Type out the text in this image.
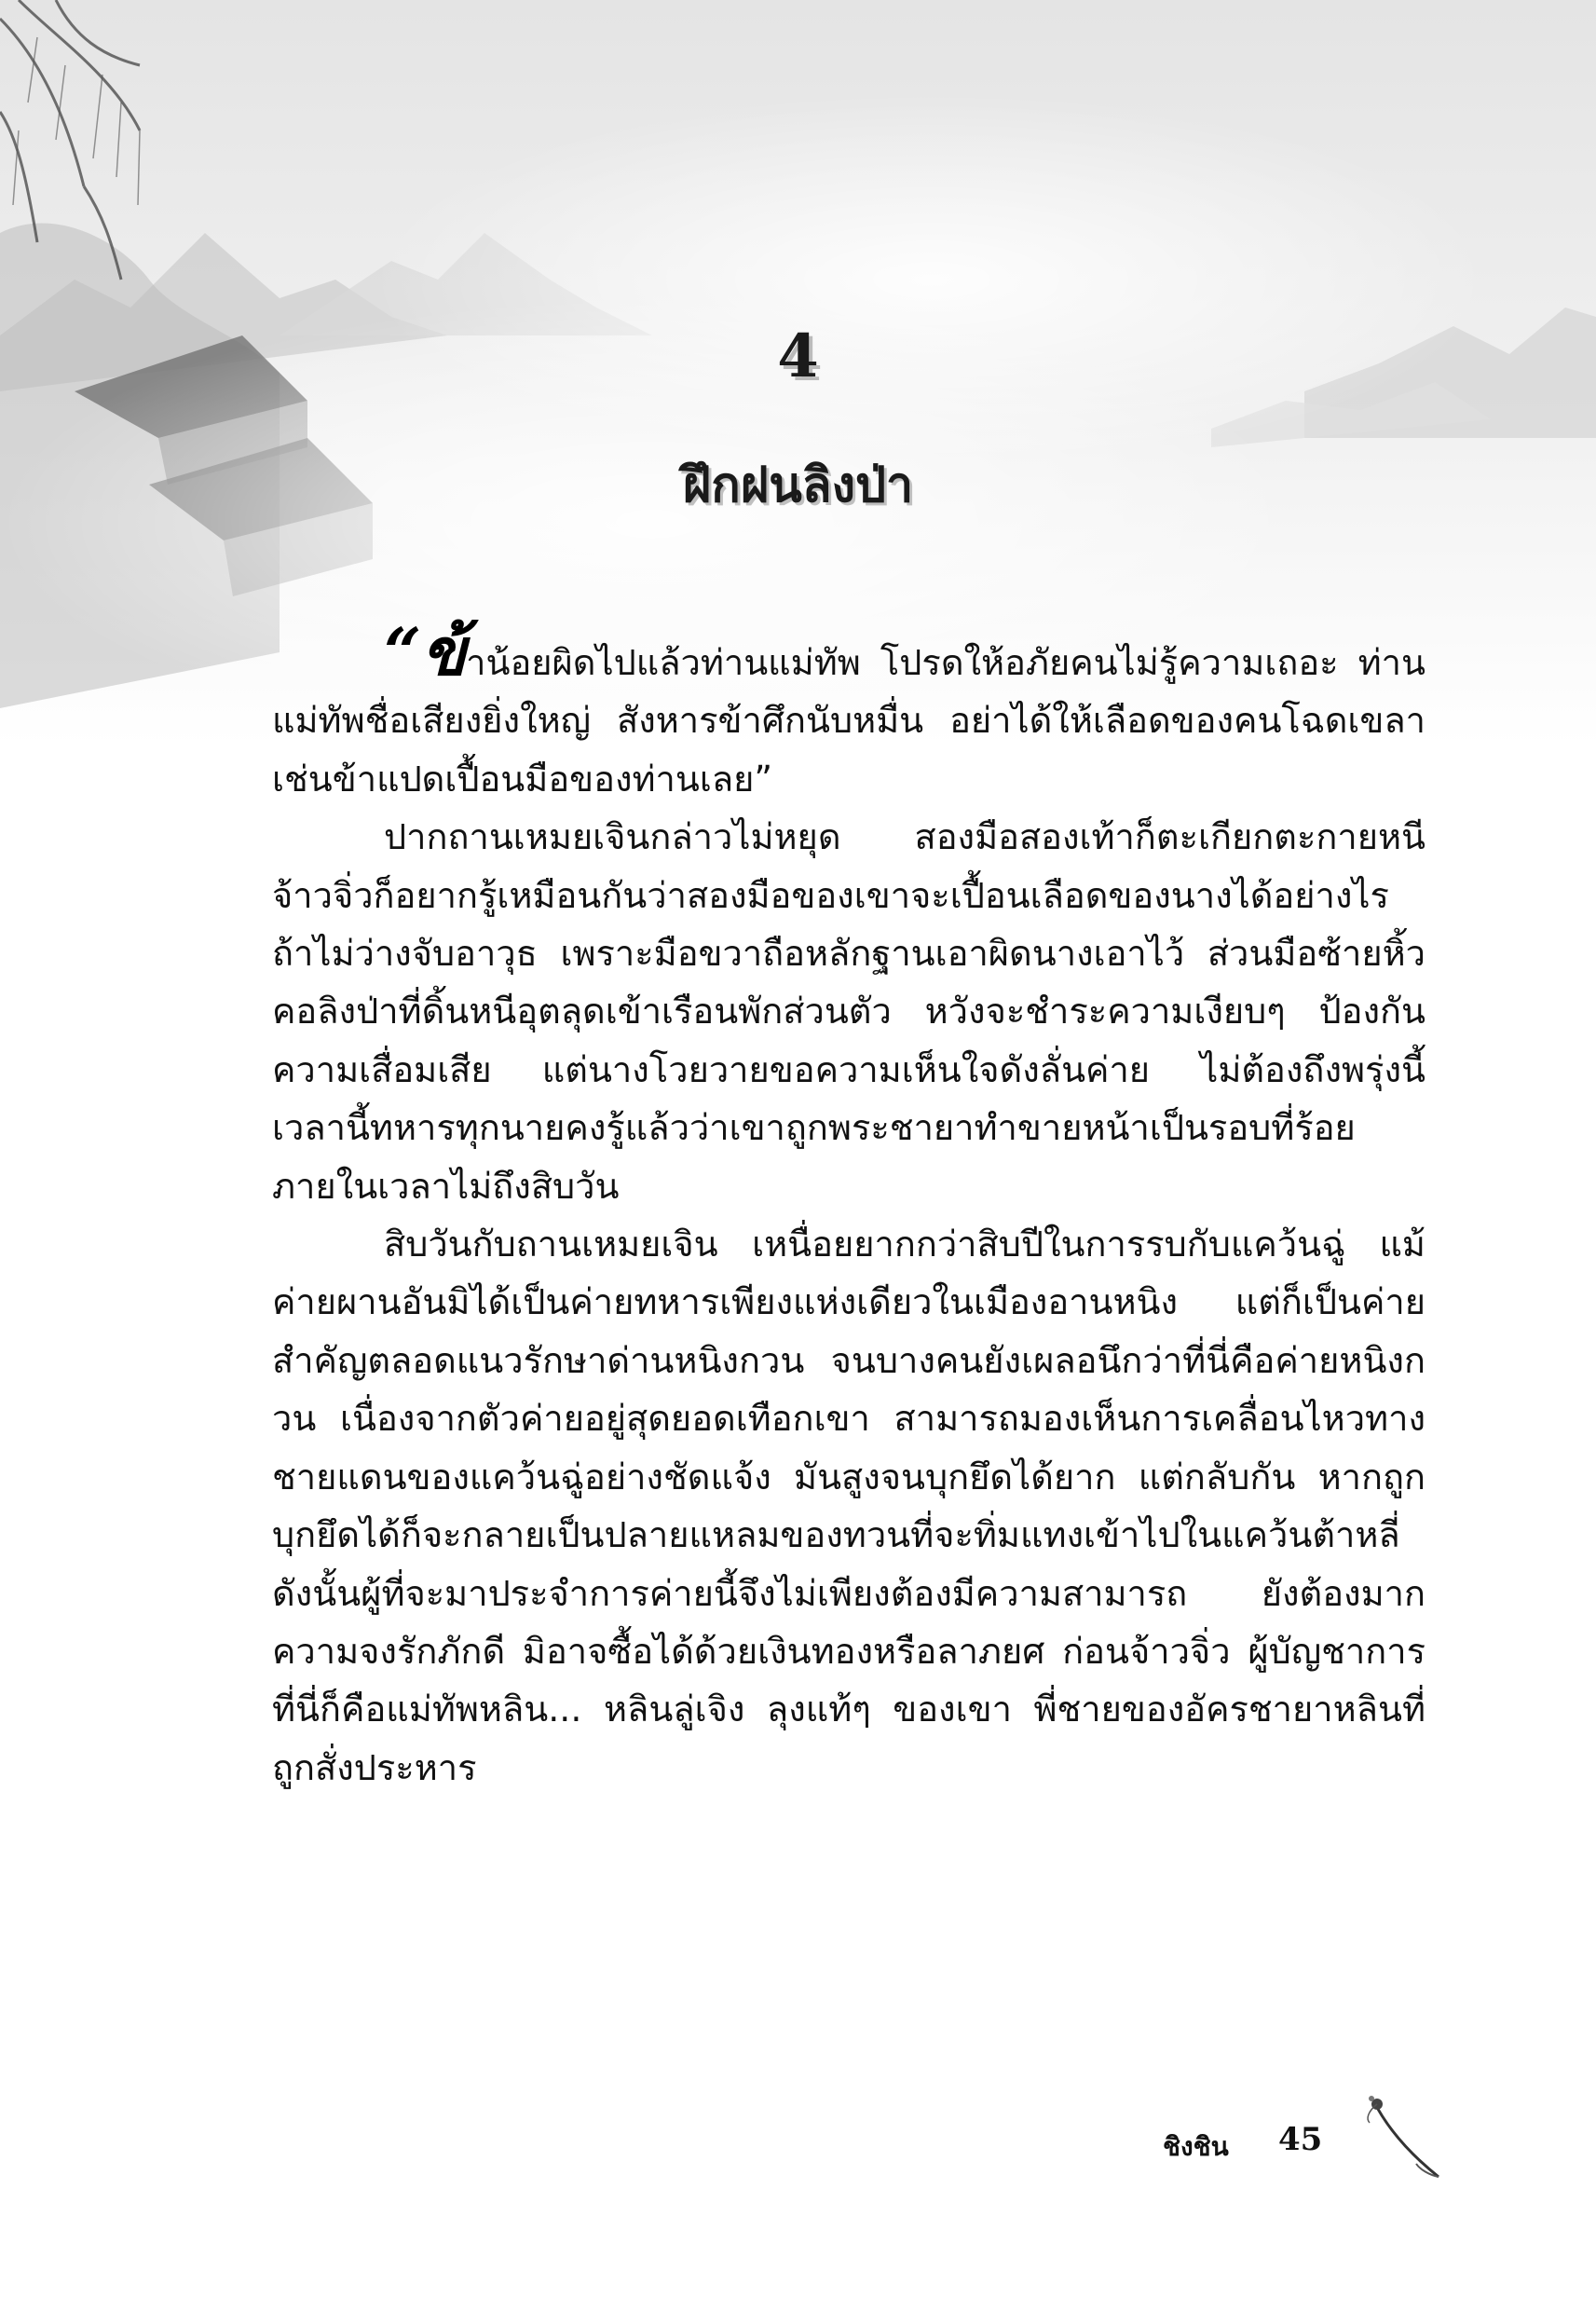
4
ฝึกฝนลิงป่า

“ข้าน้อยผิดไปแล้วท่านแม่ทัพ โปรดให้อภัยคนไม่รู้ความเถอะ ท่านแม่ทัพชื่อเสียงยิ่งใหญ่ สังหารข้าศึกนับหมื่น อย่าได้ให้เลือดของคนโฉดเขลาเช่นข้าแปดเปื้อนมือของท่านเลย”

ปากถานเหมยเจินกล่าวไม่หยุด สองมือสองเท้าก็ตะเกียกตะกายหนี จ้าวจิ่วก็อยากรู้เหมือนกันว่าสองมือของเขาจะเปื้อนเลือดของนางได้อย่างไรถ้าไม่ว่างจับอาวุธ เพราะมือขวาถือหลักฐานเอาผิดนางเอาไว้ ส่วนมือซ้ายหิ้วคอลิงป่าที่ดิ้นหนีอุตลุดเข้าเรือนพักส่วนตัว หวังจะชำระความเงียบๆ ป้องกันความเสื่อมเสีย แต่นางโวยวายขอความเห็นใจดังลั่นค่าย ไม่ต้องถึงพรุ่งนี้ เวลานี้ทหารทุกนายคงรู้แล้วว่าเขาถูกพระชายาทำขายหน้าเป็นรอบที่ร้อยภายในเวลาไม่ถึงสิบวัน

สิบวันกับถานเหมยเจิน เหนื่อยยากกว่าสิบปีในการรบกับแคว้นฉู่ แม้ค่ายผานอันมิได้เป็นค่ายทหารเพียงแห่งเดียวในเมืองอานหนิง แต่ก็เป็นค่ายสำคัญตลอดแนวรักษาด่านหนิงกวน จนบางคนยังเผลอนึกว่าที่นี่คือค่ายหนิงกวน เนื่องจากตัวค่ายอยู่สุดยอดเทือกเขา สามารถมองเห็นการเคลื่อนไหวทางชายแดนของแคว้นฉู่อย่างชัดแจ้ง มันสูงจนบุกยึดได้ยาก แต่กลับกัน หากถูกบุกยึดได้ก็จะกลายเป็นปลายแหลมของทวนที่จะทิ่มแทงเข้าไปในแคว้นต้าหลี่ ดังนั้นผู้ที่จะมาประจำการค่ายนี้จึงไม่เพียงต้องมีความสามารถ ยังต้องมากความจงรักภักดี มิอาจซื้อได้ด้วยเงินทองหรือลาภยศ ก่อนจ้าวจิ่ว ผู้บัญชาการที่นี่ก็คือแม่ทัพหลิน... หลินลู่เจิง ลุงแท้ๆ ของเขา พี่ชายของอัครชายาหลินที่ถูกสั่งประหาร

ชิงชิน 45
